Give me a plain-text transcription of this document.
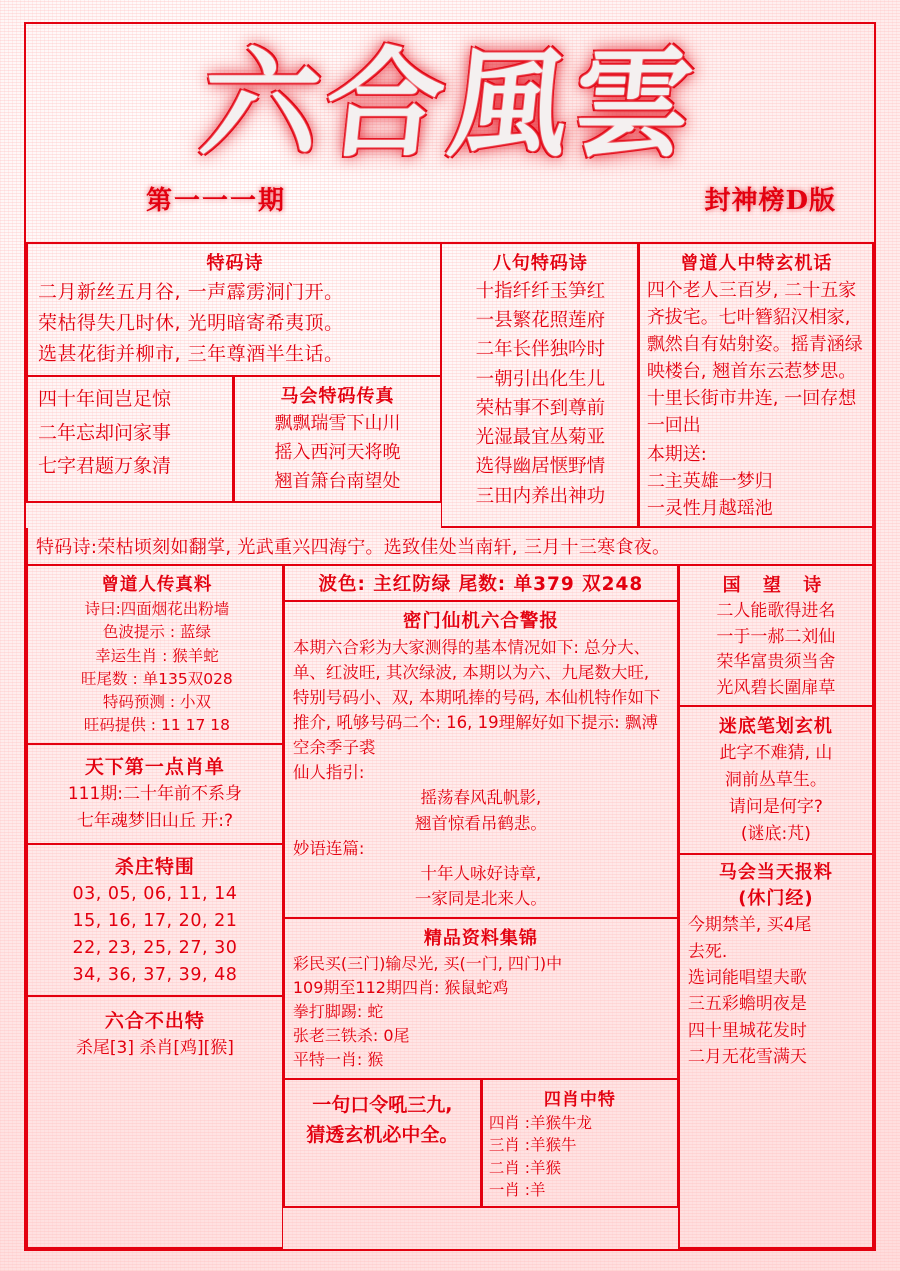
六合風雲
第一一一期	封神榜D版
特码诗
二月新丝五月谷, 一声霹雳洞门开。
荣枯得失几时休, 光明暗寄希夷顶。
选甚花街并柳市, 三年尊酒半生话。
四十年间岂足惊
二年忘却问家事
七字君题万象清
马会特码传真
飘飘瑞雪下山川
摇入西河天将晚
翘首箫台南望处
八句特码诗
十指纤纤玉笋红
一县繁花照莲府
二年长伴独吟时
一朝引出化生儿
荣枯事不到尊前
光湿最宜丛菊亚
选得幽居惬野情
三田内养出神功
曾道人中特玄机话
四个老人三百岁, 二十五家齐拔宅。七叶簪貂汉相家, 飘然自有姑射姿。摇青涵绿映楼台, 翘首东云惹梦思。十里长街市井连, 一回存想一回出
本期送:
二主英雄一梦归
一灵性月越瑶池
特码诗:荣枯顷刻如翻掌, 光武重兴四海宁。选致佳处当南轩, 三月十三寒食夜。
曾道人传真料
诗曰:四面烟花出粉墙
色波提示 : 蓝绿
幸运生肖 : 猴羊蛇
旺尾数 : 单135双028
特码预测 : 小双
旺码提供 : 11 17 18
天下第一点肖单
111期:二十年前不系身
七年魂梦旧山丘 开:?
杀庄特围
03, 05, 06, 11, 14
15, 16, 17, 20, 21
22, 23, 25, 27, 30
34, 36, 37, 39, 48
六合不出特
杀尾[3] 杀肖[鸡][猴]
波色: 主红防绿 尾数: 单379 双248
密门仙机六合警报
本期六合彩为大家测得的基本情况如下: 总分大、单、红波旺, 其次绿波, 本期以为六、九尾数大旺, 特别号码小、双, 本期吼捧的号码, 本仙机特作如下推介, 吼够号码二个: 16, 19理解好如下提示: 飘溥空余季子裘
仙人指引:
摇荡春风乱帆影,
翘首惊看吊鹤悲。
妙语连篇:
十年人咏好诗章,
一家同是北来人。
精品资料集锦
彩民买(三门)输尽光, 买(一门, 四门)中
109期至112期四肖: 猴鼠蛇鸡
拳打脚踢: 蛇
张老三铁杀: 0尾
平特一肖: 猴
一句口令吼三九,
猜透玄机必中全。
四肖中特
四肖 :羊猴牛龙
三肖 :羊猴牛
二肖 :羊猴
一肖 :羊
国 望 诗
二人能歌得进名
一于一郝二刘仙
荣华富贵须当舍
光风碧长圍扉草
迷底笔划玄机
此字不难猜, 山
洞前丛草生。
请问是何字?
(谜底:芃)
马会当天报料
(休门经)
今期禁羊, 买4尾
去死.
选词能唱望夫歌
三五彩蟾明夜是
四十里城花发时
二月无花雪满天
